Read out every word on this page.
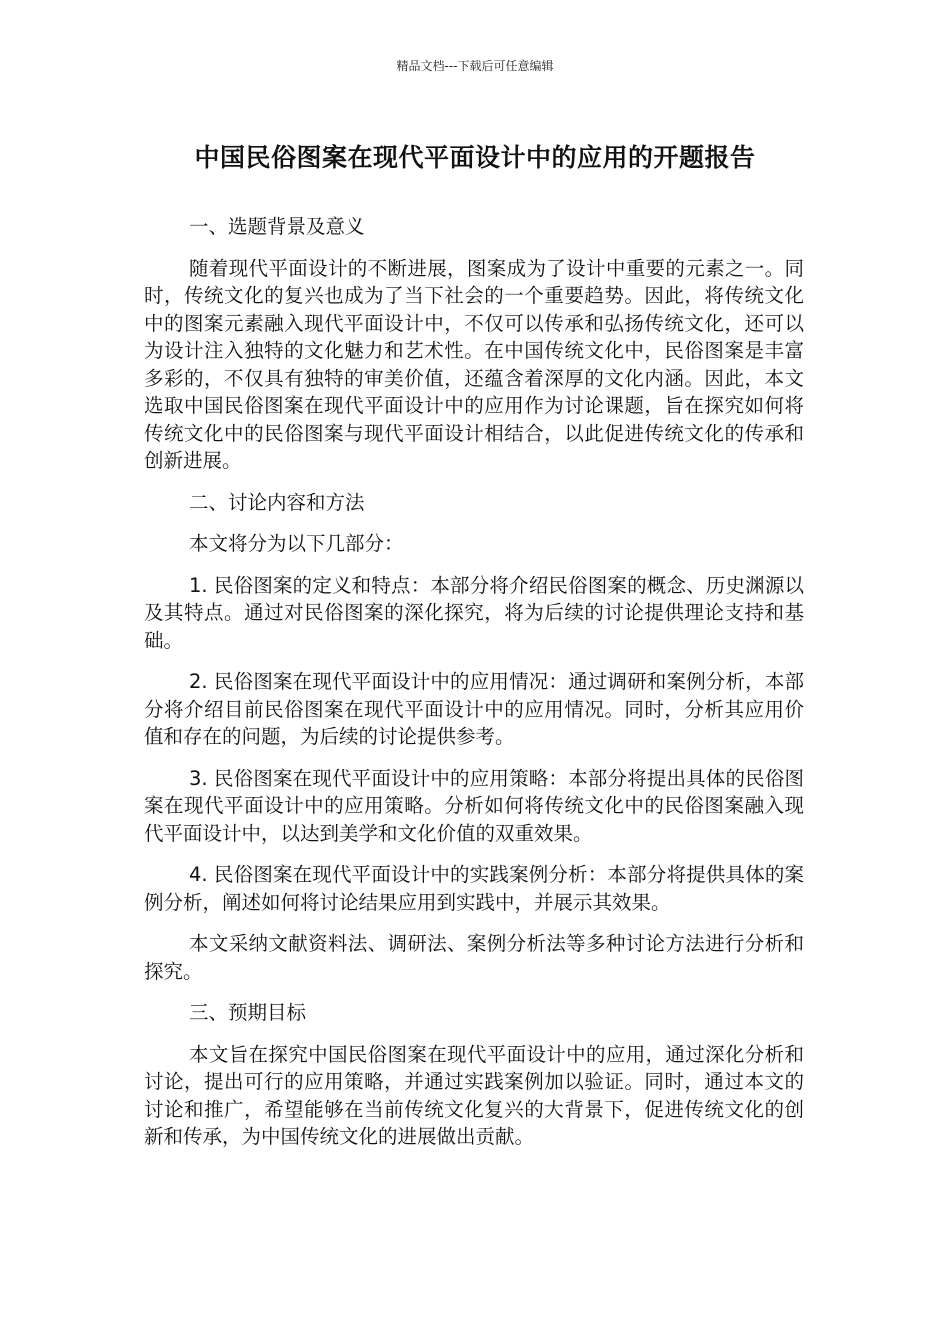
精品文档---下载后可任意编辑
中国民俗图案在现代平面设计中的应用的开题报告

一、选题背景及意义

随着现代平面设计的不断进展，图案成为了设计中重要的元素之一。同时，传统文化的复兴也成为了当下社会的一个重要趋势。因此，将传统文化中的图案元素融入现代平面设计中，不仅可以传承和弘扬传统文化，还可以为设计注入独特的文化魅力和艺术性。在中国传统文化中，民俗图案是丰富多彩的，不仅具有独特的审美价值，还蕴含着深厚的文化内涵。因此，本文选取中国民俗图案在现代平面设计中的应用作为讨论课题，旨在探究如何将传统文化中的民俗图案与现代平面设计相结合，以此促进传统文化的传承和创新进展。

二、讨论内容和方法

本文将分为以下几部分：

1. 民俗图案的定义和特点：本部分将介绍民俗图案的概念、历史渊源以及其特点。通过对民俗图案的深化探究，将为后续的讨论提供理论支持和基础。

2. 民俗图案在现代平面设计中的应用情况：通过调研和案例分析，本部分将介绍目前民俗图案在现代平面设计中的应用情况。同时，分析其应用价值和存在的问题，为后续的讨论提供参考。

3. 民俗图案在现代平面设计中的应用策略：本部分将提出具体的民俗图案在现代平面设计中的应用策略。分析如何将传统文化中的民俗图案融入现代平面设计中，以达到美学和文化价值的双重效果。

4. 民俗图案在现代平面设计中的实践案例分析：本部分将提供具体的案例分析，阐述如何将讨论结果应用到实践中，并展示其效果。

本文采纳文献资料法、调研法、案例分析法等多种讨论方法进行分析和探究。

三、预期目标

本文旨在探究中国民俗图案在现代平面设计中的应用，通过深化分析和讨论，提出可行的应用策略，并通过实践案例加以验证。同时，通过本文的讨论和推广，希望能够在当前传统文化复兴的大背景下，促进传统文化的创新和传承，为中国传统文化的进展做出贡献。
